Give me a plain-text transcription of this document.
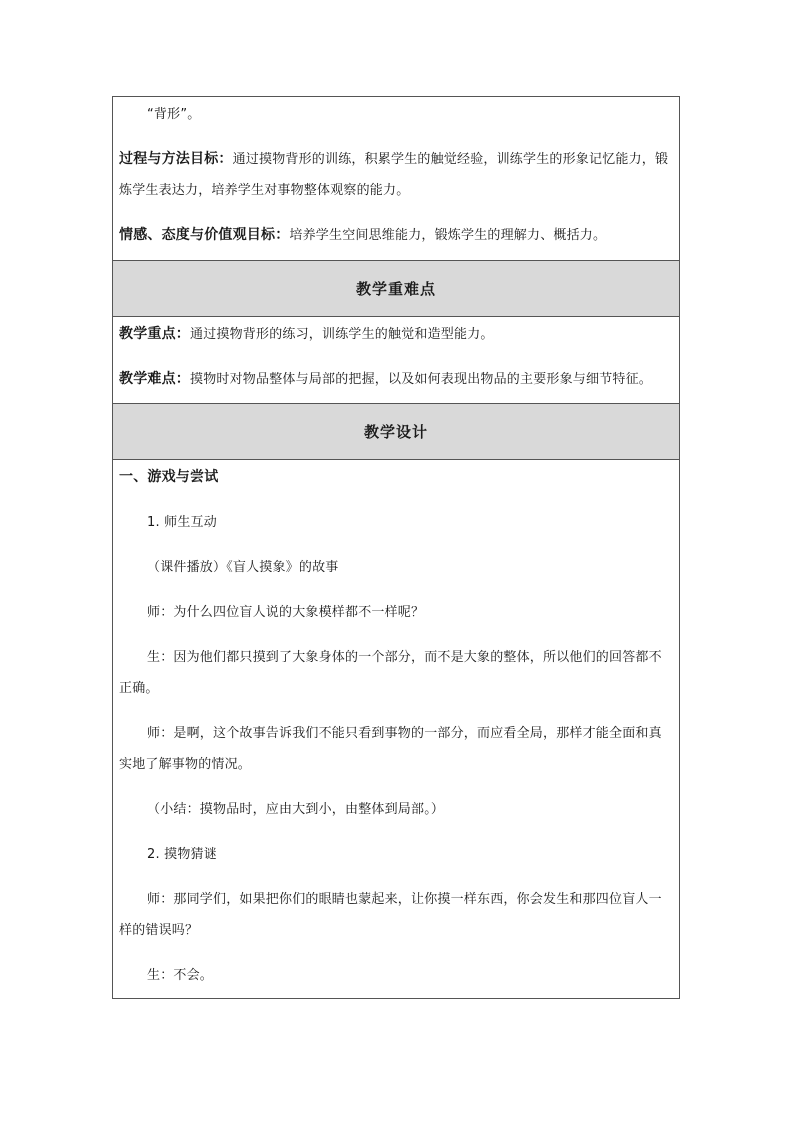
“背形”。

过程与方法目标：通过摸物背形的训练，积累学生的触觉经验，训练学生的形象记忆能力，锻炼学生表达力，培养学生对事物整体观察的能力。

情感、态度与价值观目标：培养学生空间思维能力，锻炼学生的理解力、概括力。

教学重难点

教学重点：通过摸物背形的练习，训练学生的触觉和造型能力。

教学难点：摸物时对物品整体与局部的把握，以及如何表现出物品的主要形象与细节特征。

教学设计

一、游戏与尝试

1. 师生互动

（课件播放）《盲人摸象》的故事

师：为什么四位盲人说的大象模样都不一样呢？

生：因为他们都只摸到了大象身体的一个部分，而不是大象的整体，所以他们的回答都不正确。

师：是啊，这个故事告诉我们不能只看到事物的一部分，而应看全局，那样才能全面和真实地了解事物的情况。

（小结：摸物品时，应由大到小，由整体到局部。）

2. 摸物猜谜

师：那同学们，如果把你们的眼睛也蒙起来，让你摸一样东西，你会发生和那四位盲人一样的错误吗？

生：不会。
